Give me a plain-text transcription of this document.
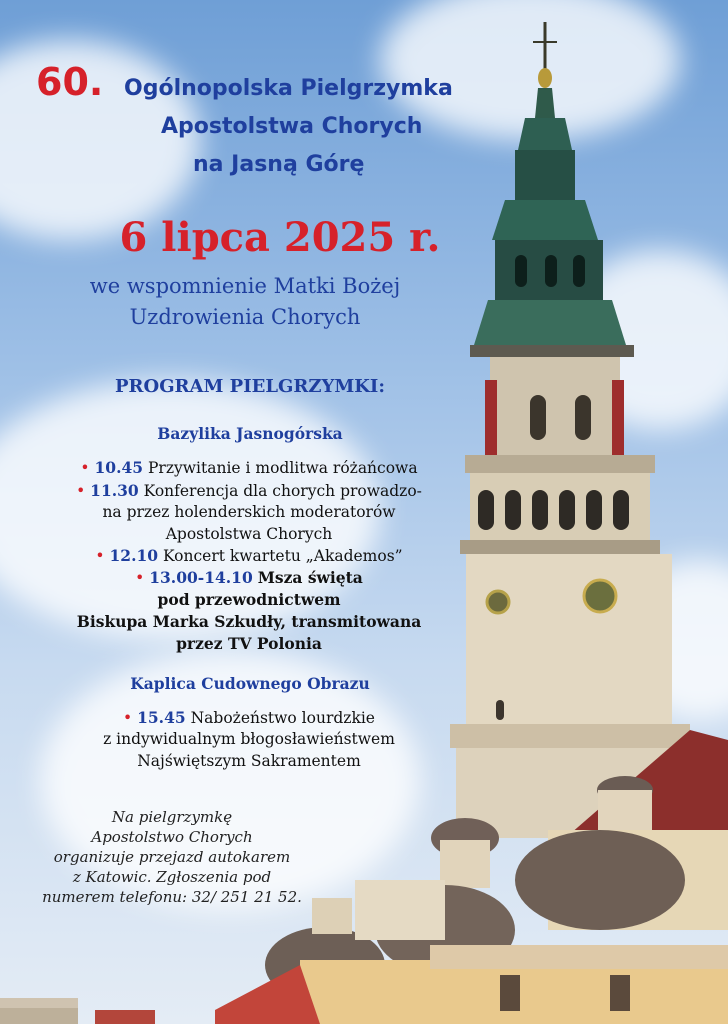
60. Ogólnopolska Pielgrzymka
Apostolstwa Chorych
na Jasną Górę
6 lipca 2025 r.
we wspomnienie Matki Bożej
Uzdrowienia Chorych
PROGRAM PIELGRZYMKI:
Bazylika Jasnogórska
• 10.45 Przywitanie i modlitwa różańcowa
• 11.30 Konferencja dla chorych prowadzo-
na przez holenderskich moderatorów
Apostolstwa Chorych
• 12.10 Koncert kwartetu „Akademos”
• 13.00-14.10 Msza święta
pod przewodnictwem
Biskupa Marka Szkudły, transmitowana
przez TV Polonia
Kaplica Cudownego Obrazu
• 15.45 Nabożeństwo lourdzkie
z indywidualnym błogosławieństwem
Najświętszym Sakramentem
Na pielgrzymkę
Apostolstwo Chorych
organizuje przejazd autokarem
z Katowic. Zgłoszenia pod
numerem telefonu: 32/ 251 21 52.
